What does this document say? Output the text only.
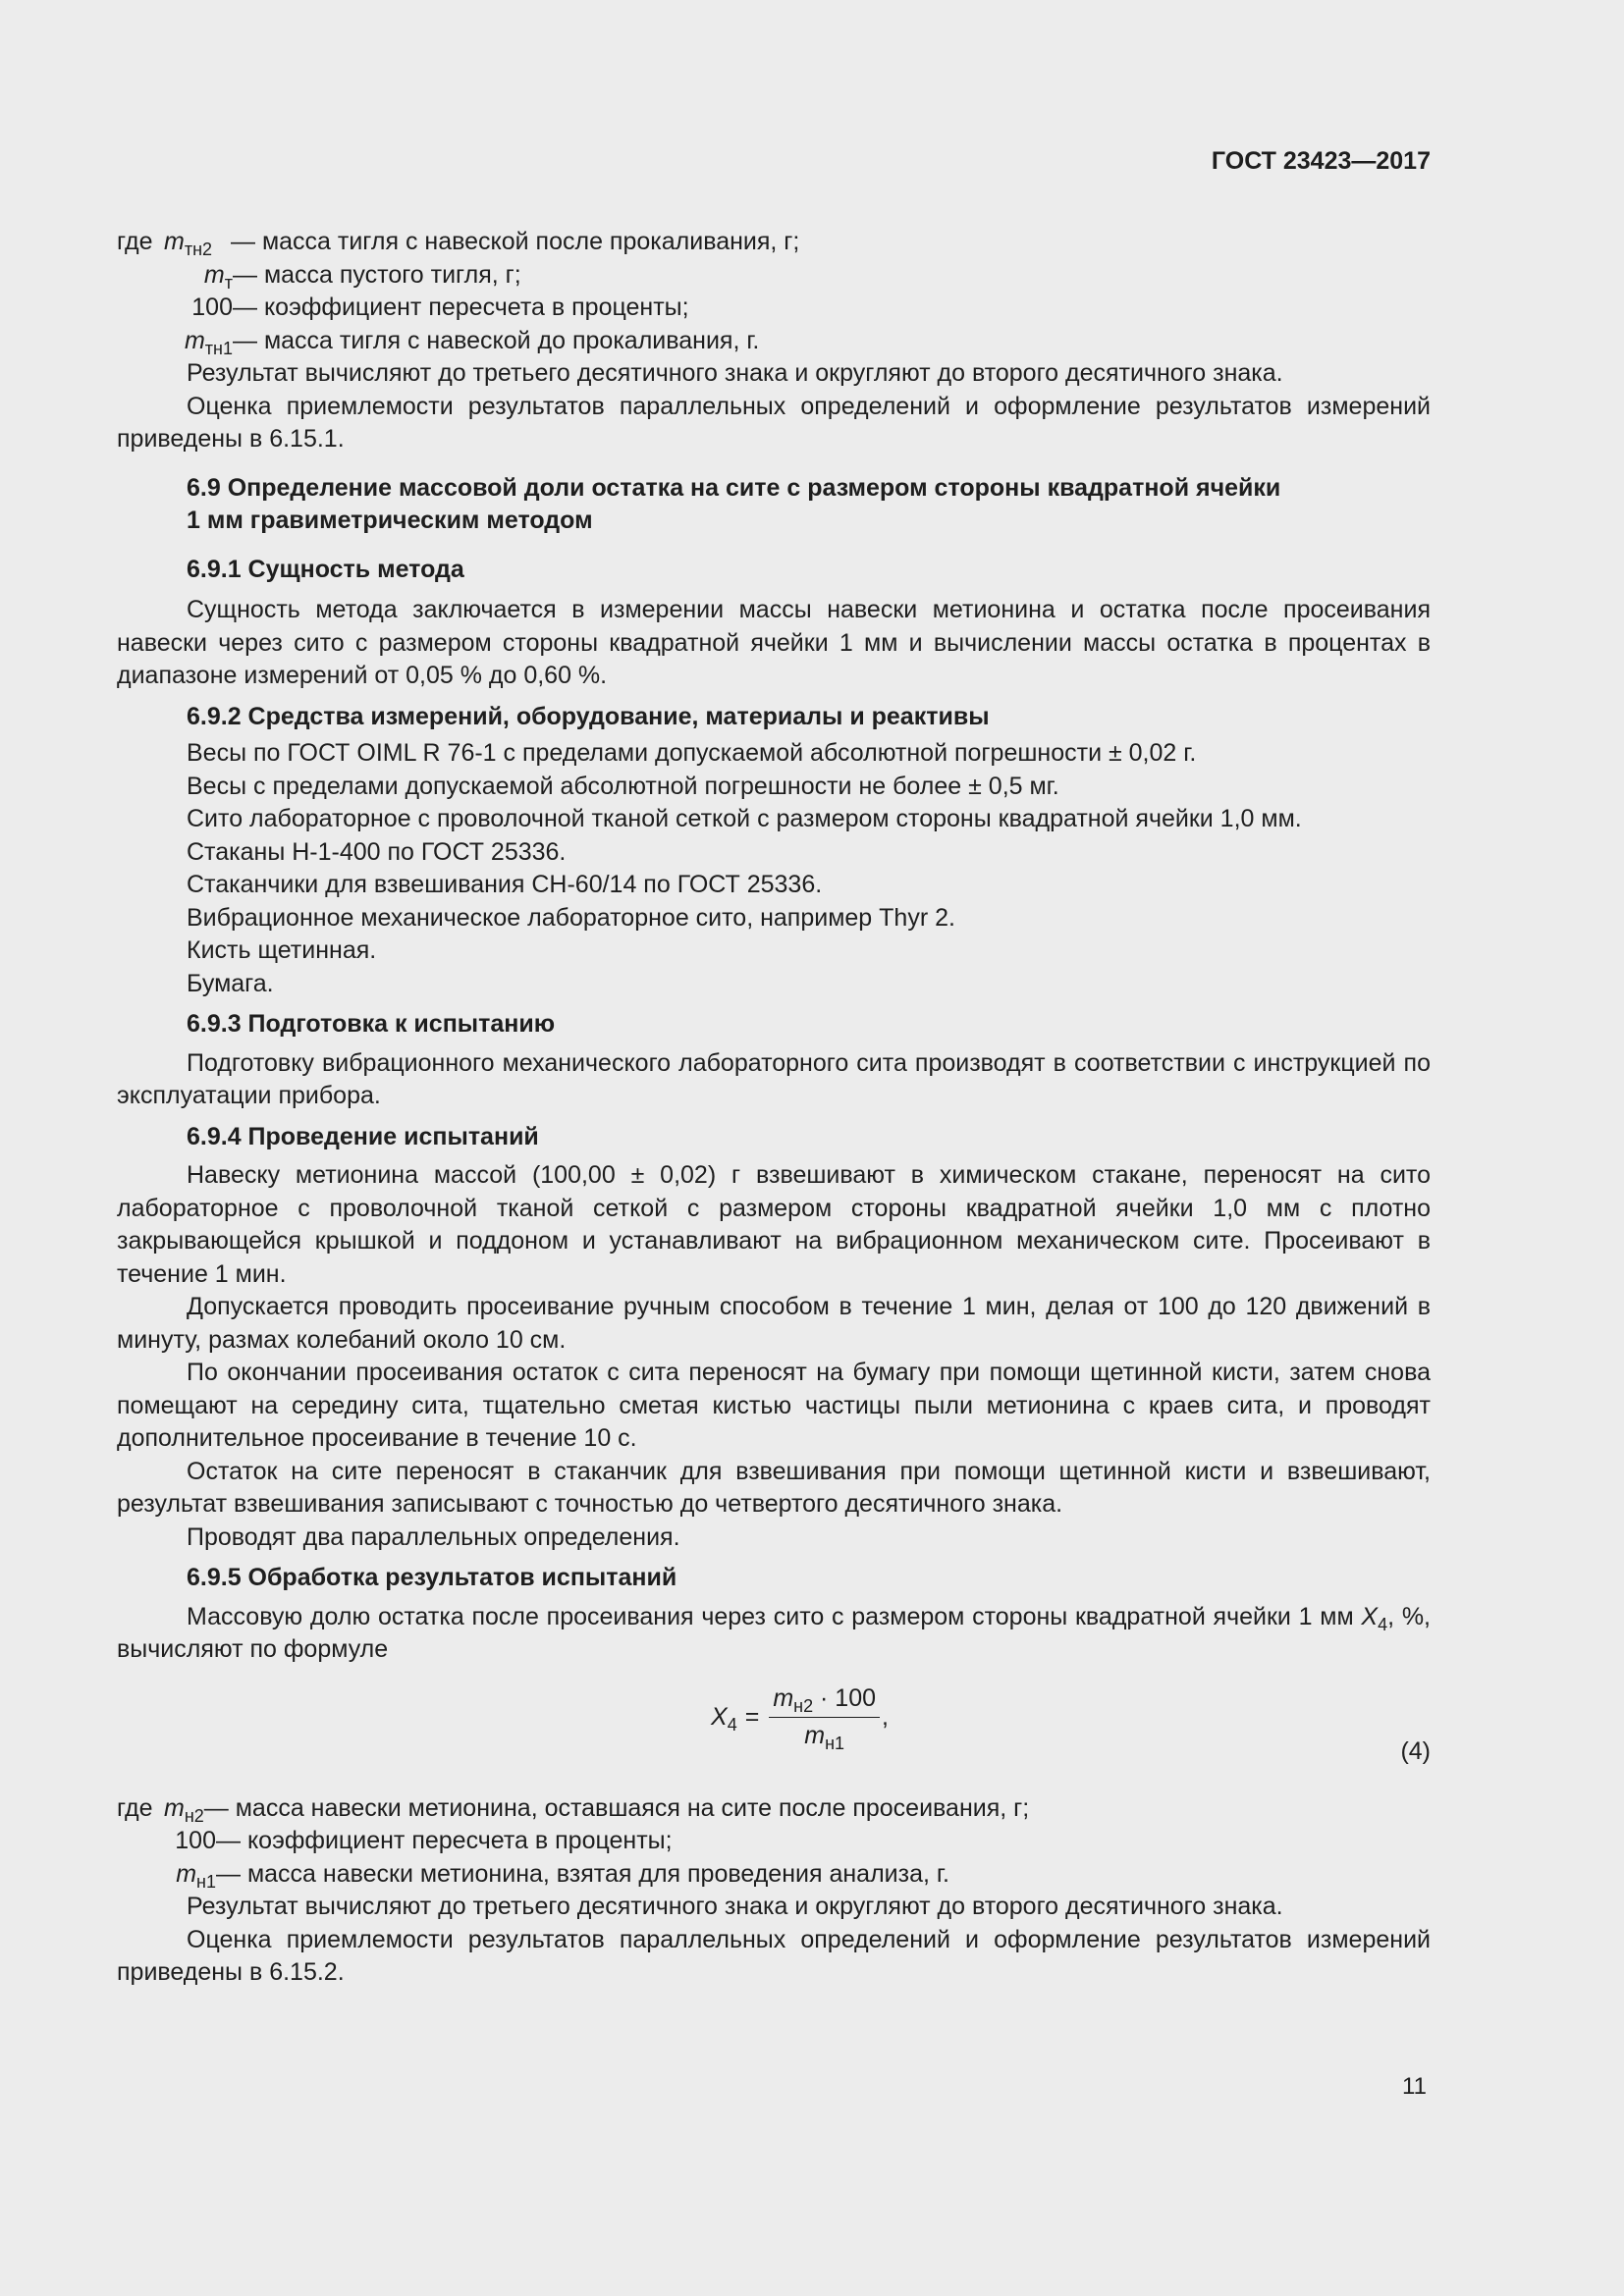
ГОСТ 23423—2017
где $m_{тн2}$ — масса тигля с навеской после прокаливания, г;
$m_т$ — масса пустого тигля, г;
100 — коэффициент пересчета в проценты;
$m_{тн1}$ — масса тигля с навеской до прокаливания, г.

Результат вычисляют до третьего десятичного знака и округляют до второго десятичного знака.

Оценка приемлемости результатов параллельных определений и оформление результатов измерений приведены в 6.15.1.

6.9 Определение массовой доли остатка на сите с размером стороны квадратной ячейки
1 мм гравиметрическим методом

6.9.1 Сущность метода

Сущность метода заключается в измерении массы навески метионина и остатка после просеивания навески через сито с размером стороны квадратной ячейки 1 мм и вычислении массы остатка в процентах в диапазоне измерений от 0,05 % до 0,60 %.

6.9.2 Средства измерений, оборудование, материалы и реактивы

Весы по ГОСТ OIML R 76-1 с пределами допускаемой абсолютной погрешности ± 0,02 г.

Весы с пределами допускаемой абсолютной погрешности не более ± 0,5 мг.

Сито лабораторное с проволочной тканой сеткой с размером стороны квадратной ячейки 1,0 мм.

Стаканы Н-1-400 по ГОСТ 25336.

Стаканчики для взвешивания СН-60/14 по ГОСТ 25336.

Вибрационное механическое лабораторное сито, например Thyr 2.

Кисть щетинная.

Бумага.

6.9.3 Подготовка к испытанию

Подготовку вибрационного механического лабораторного сита производят в соответствии с инструкцией по эксплуатации прибора.

6.9.4 Проведение испытаний

Навеску метионина массой (100,00 ± 0,02) г взвешивают в химическом стакане, переносят на сито лабораторное с проволочной тканой сеткой с размером стороны квадратной ячейки 1,0 мм с плотно закрывающейся крышкой и поддоном и устанавливают на вибрационном механическом сите. Просеивают в течение 1 мин.

Допускается проводить просеивание ручным способом в течение 1 мин, делая от 100 до 120 движений в минуту, размах колебаний около 10 см.

По окончании просеивания остаток с сита переносят на бумагу при помощи щетинной кисти, затем снова помещают на середину сита, тщательно сметая кистью частицы пыли метионина с краев сита, и проводят дополнительное просеивание в течение 10 с.

Остаток на сите переносят в стаканчик для взвешивания при помощи щетинной кисти и взвешивают, результат взвешивания записывают с точностью до четвертого десятичного знака.

Проводят два параллельных определения.

6.9.5 Обработка результатов испытаний

Массовую долю остатка после просеивания через сито с размером стороны квадратной ячейки 1 мм $X_4$, %, вычисляют по формуле

$X_4 = \frac{m_{н2} \cdot 100}{m_{н1}}$ ,
(4)
где $m_{н2}$ — масса навески метионина, оставшаяся на сите после просеивания, г;
100 — коэффициент пересчета в проценты;
$m_{н1}$ — масса навески метионина, взятая для проведения анализа, г.

Результат вычисляют до третьего десятичного знака и округляют до второго десятичного знака.

Оценка приемлемости результатов параллельных определений и оформление результатов измерений приведены в 6.15.2.

11
